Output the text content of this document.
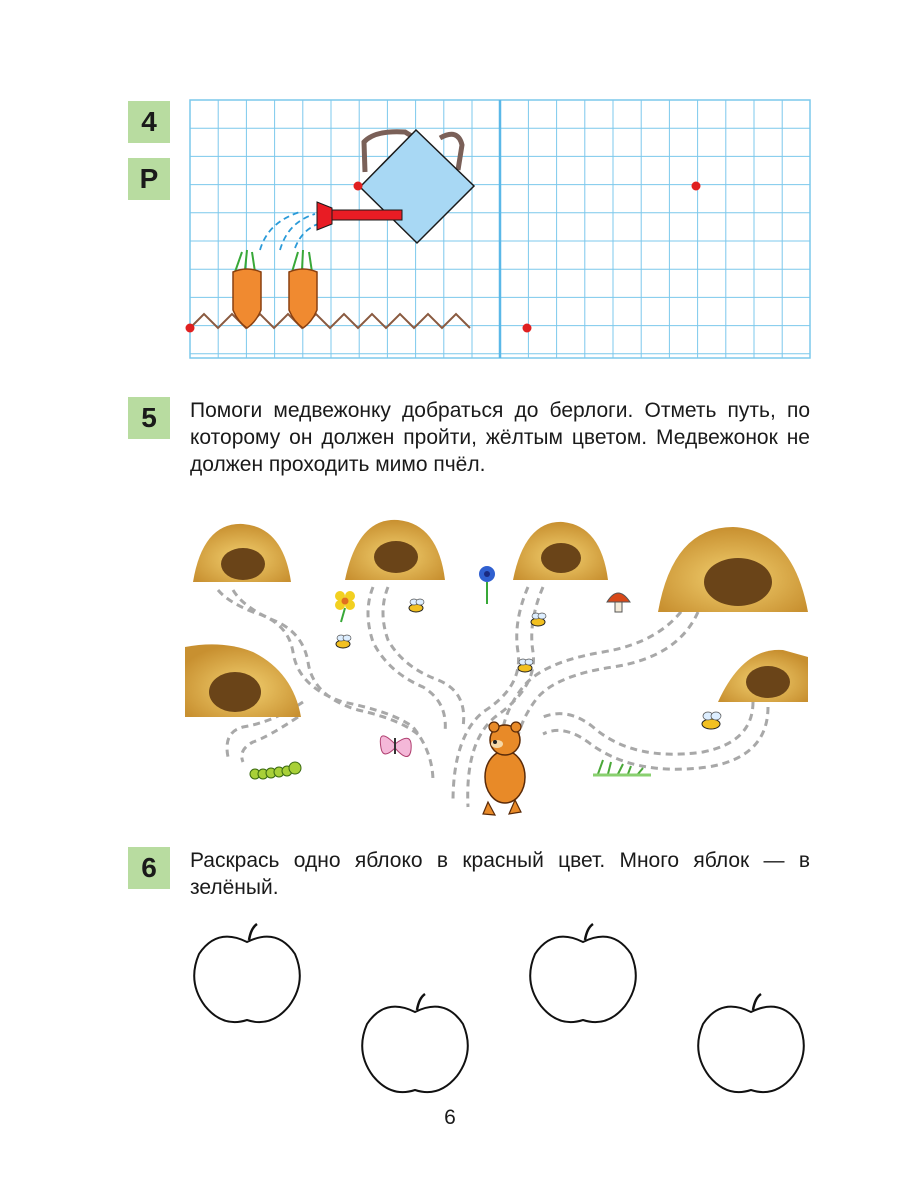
4
Р
5	Помоги медвежонку добраться до берлоги. Отметь путь, по которому он должен пройти, жёлтым цветом. Медвежонок не должен проходить мимо пчёл.
6	Раскрась одно яблоко в красный цвет. Много яблок — в зелёный.
6
